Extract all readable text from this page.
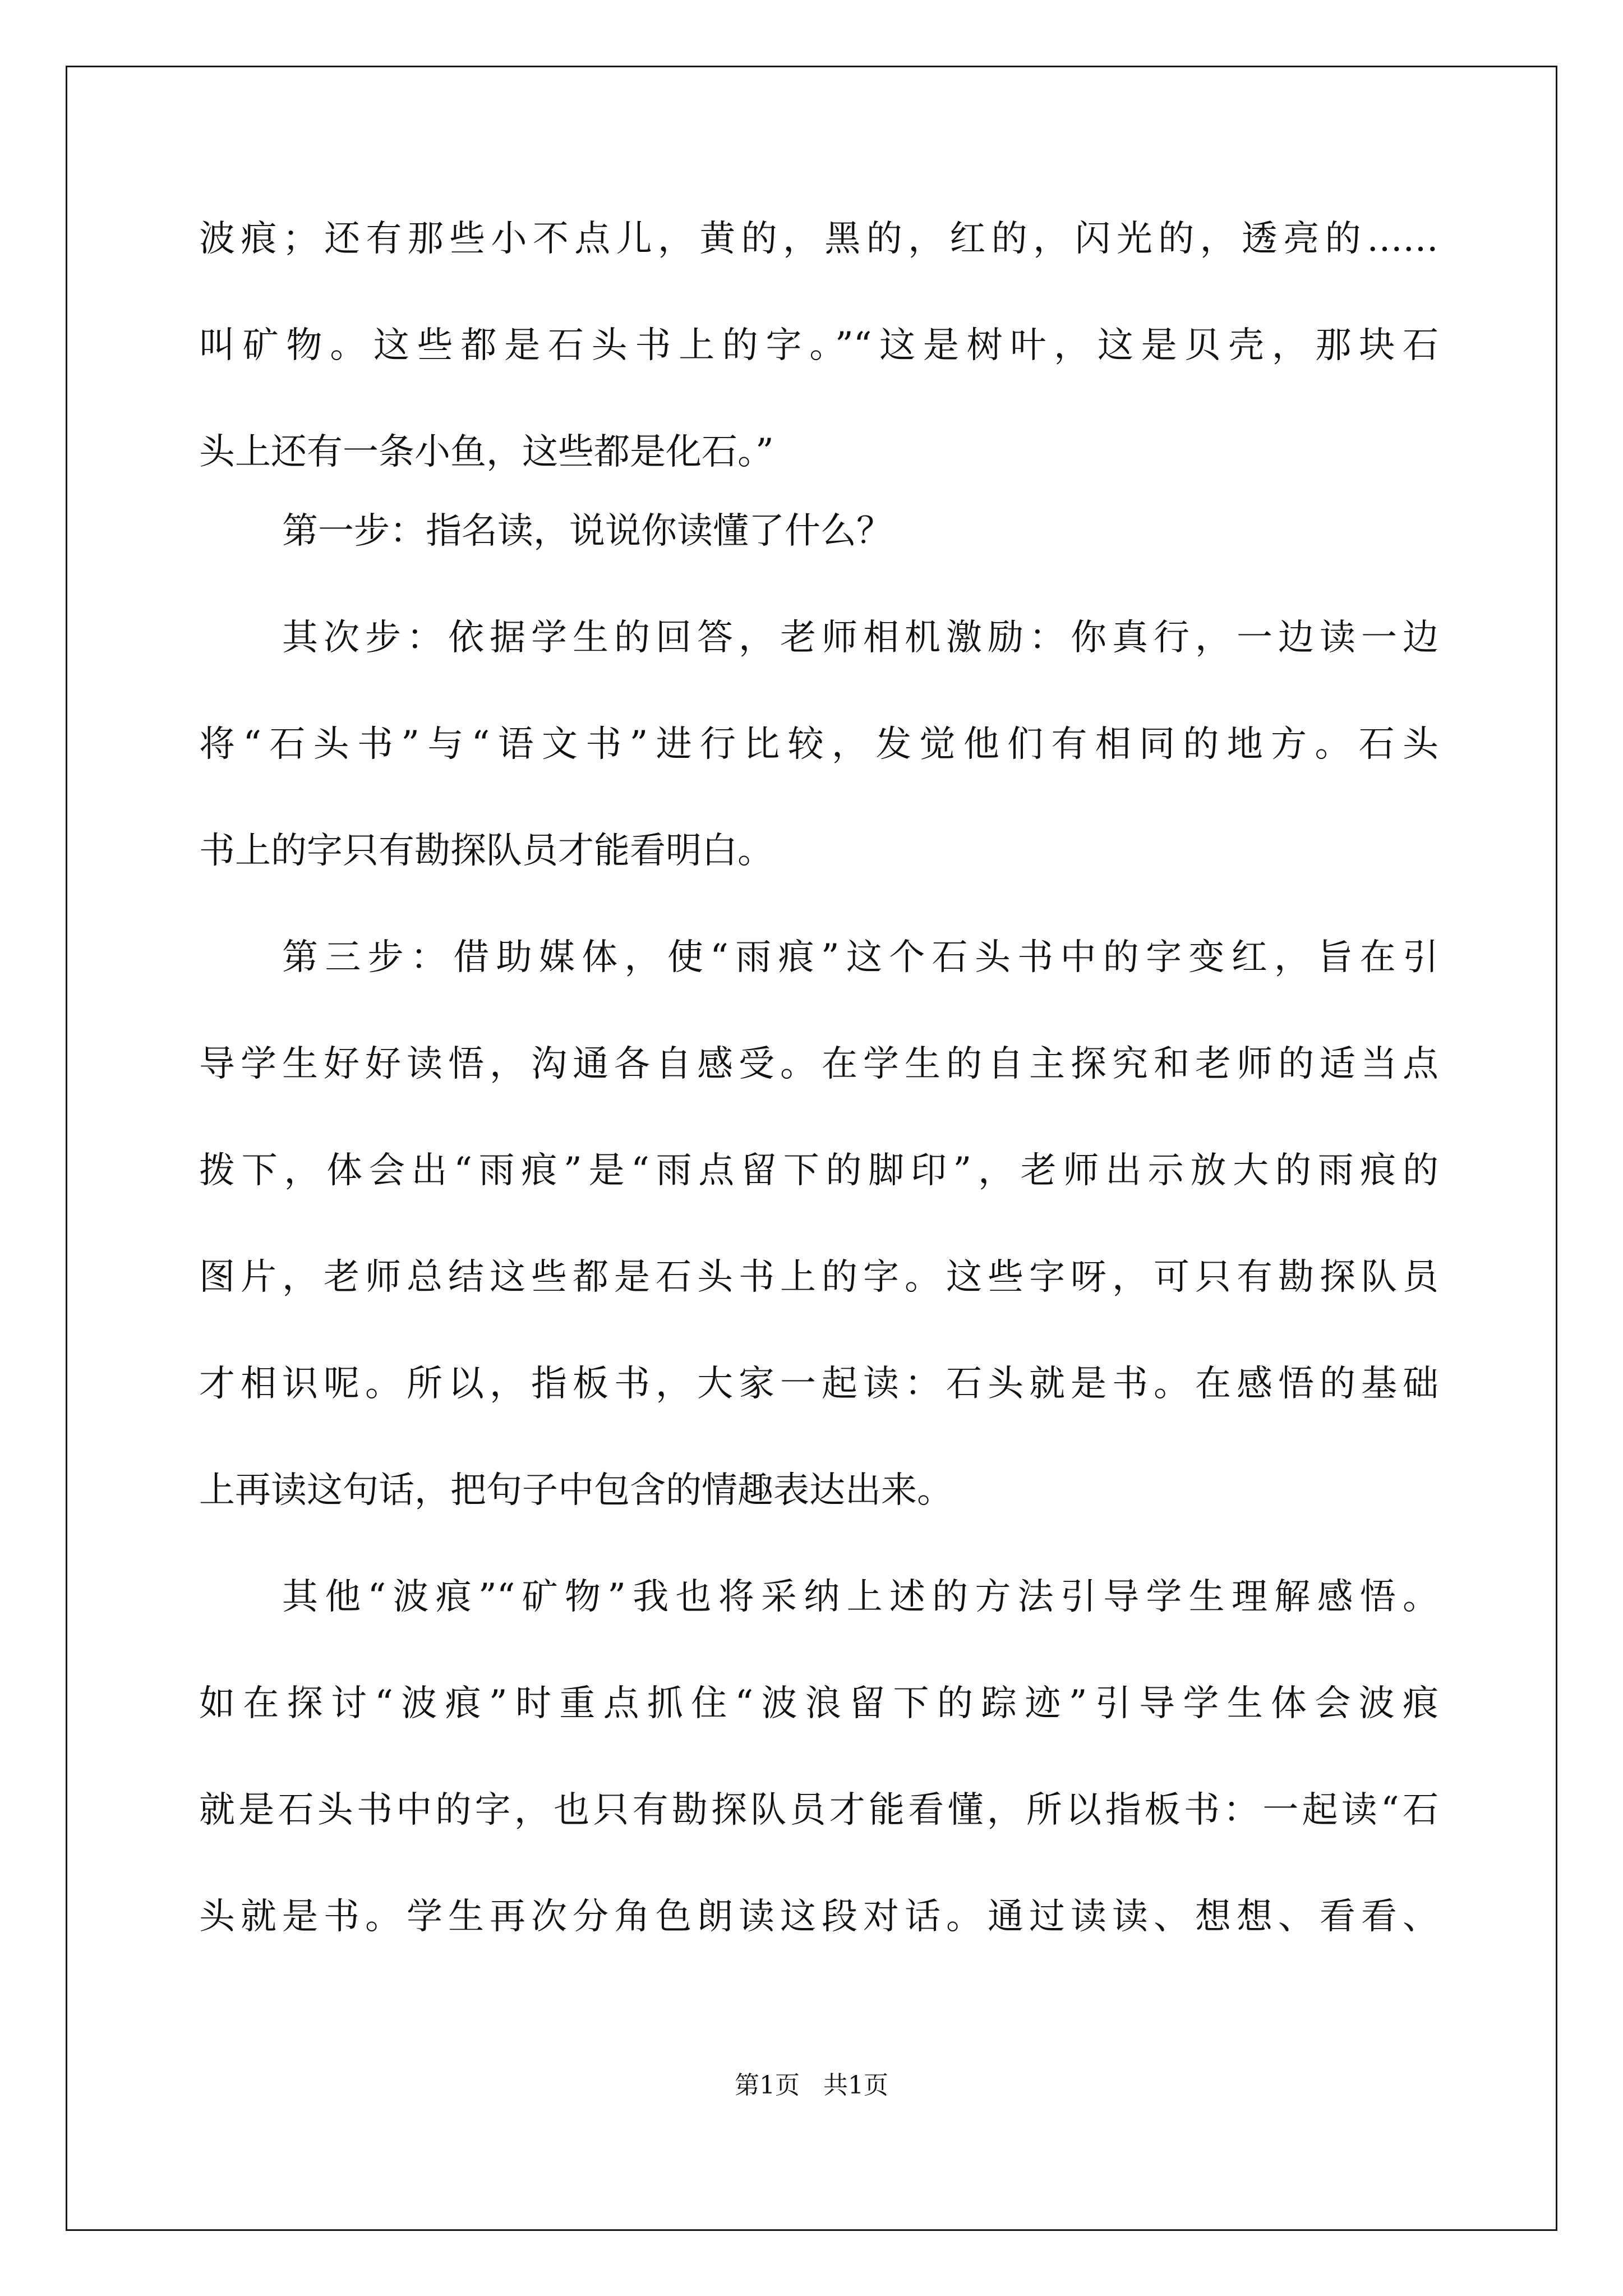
波痕；还有那些小不点儿，黄的，黑的，红的，闪光的，透亮的……
叫矿物。这些都是石头书上的字。”“这是树叶，这是贝壳，那块石
头上还有一条小鱼，这些都是化石。”
第一步：指名读，说说你读懂了什么？
其次步：依据学生的回答，老师相机激励：你真行，一边读一边
将“石头书”与“语文书”进行比较，发觉他们有相同的地方。石头
书上的字只有勘探队员才能看明白。
第三步：借助媒体，使“雨痕”这个石头书中的字变红，旨在引
导学生好好读悟，沟通各自感受。在学生的自主探究和老师的适当点
拨下，体会出“雨痕”是“雨点留下的脚印”，老师出示放大的雨痕的
图片，老师总结这些都是石头书上的字。这些字呀，可只有勘探队员
才相识呢。所以，指板书，大家一起读：石头就是书。在感悟的基础
上再读这句话，把句子中包含的情趣表达出来。
其他“波痕”“矿物”我也将采纳上述的方法引导学生理解感悟。
如在探讨“波痕”时重点抓住“波浪留下的踪迹”引导学生体会波痕
就是石头书中的字，也只有勘探队员才能看懂，所以指板书：一起读“石
头就是书。学生再次分角色朗读这段对话。通过读读、想想、看看、
第1页 共1页
